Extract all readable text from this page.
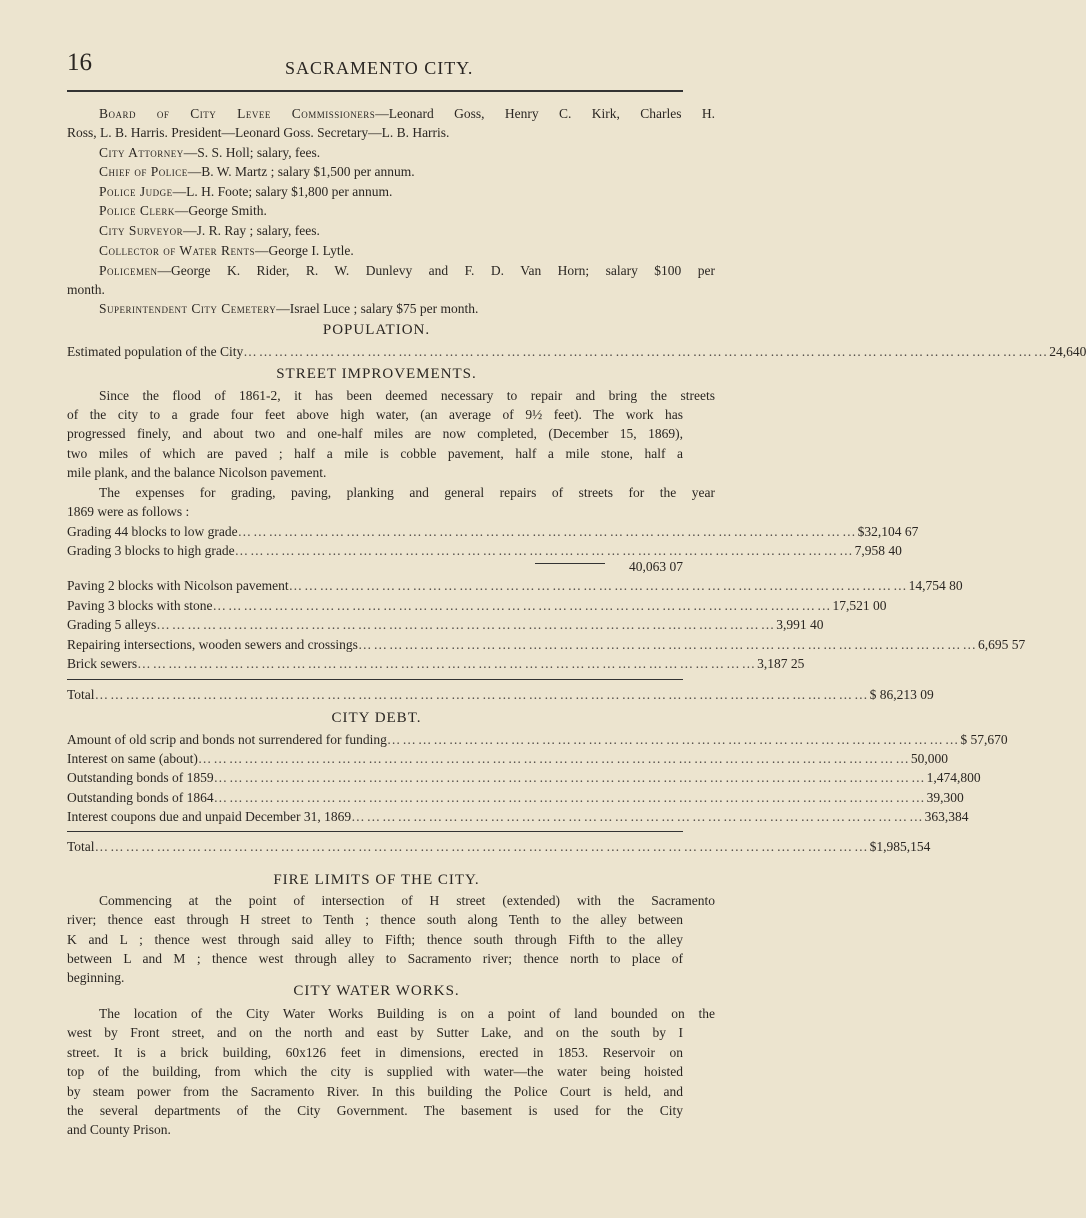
16	SACRAMENTO CITY.
Board of City Levee Commissioners—Leonard Goss, Henry C. Kirk, Charles H.
Ross, L. B. Harris. President—Leonard Goss. Secretary—L. B. Harris.
City Attorney—S. S. Holl; salary, fees.
Chief of Police—B. W. Martz ; salary $1,500 per annum.
Police Judge—L. H. Foote; salary $1,800 per annum.
Police Clerk—George Smith.
City Surveyor—J. R. Ray ; salary, fees.
Collector of Water Rents—George I. Lytle.
Policemen—George K. Rider, R. W. Dunlevy and F. D. Van Horn; salary $100 per
month.
Superintendent City Cemetery—Israel Luce ; salary $75 per month.
POPULATION.
Estimated population of the City ………………………………………………………………………………………………………………………………………… 24,640
STREET IMPROVEMENTS.
Since the flood of 1861-2, it has been deemed necessary to repair and bring the streets
of the city to a grade four feet above high water, (an average of 9½ feet). The work has
progressed finely, and about two and one-half miles are now completed, (December 15, 1869),
two miles of which are paved ; half a mile is cobble pavement, half a mile stone, half a
mile plank, and the balance Nicolson pavement.
The expenses for grading, paving, planking and general repairs of streets for the year
1869 were as follows :
Grading 44 blocks to low grade ………………………………………………………………………………………………………… $32,104 67
Grading 3 blocks to high grade ………………………………………………………………………………………………………… 7,958 40
40,063 07
Paving 2 blocks with Nicolson pavement ………………………………………………………………………………………………………… 14,754 80
Paving 3 blocks with stone ………………………………………………………………………………………………………… 17,521 00
Grading 5 alleys ………………………………………………………………………………………………………… 3,991 40
Repairing intersections, wooden sewers and crossings ………………………………………………………………………………………………………… 6,695 57
Brick sewers ………………………………………………………………………………………………………… 3,187 25
Total …………………………………………………………………………………………………………………………………… $ 86,213 09
CITY DEBT.
Amount of old scrip and bonds not surrendered for funding ………………………………………………………………………………………………… $ 57,670
Interest on same (about) ………………………………………………………………………………………………………………………… 50,000
Outstanding bonds of 1859 ………………………………………………………………………………………………………………………… 1,474,800
Outstanding bonds of 1864 ………………………………………………………………………………………………………………………… 39,300
Interest coupons due and unpaid December 31, 1869 ………………………………………………………………………………………………… 363,384
Total …………………………………………………………………………………………………………………………………… $1,985,154
FIRE LIMITS OF THE CITY.
Commencing at the point of intersection of H street (extended) with the Sacramento
river; thence east through H street to Tenth ; thence south along Tenth to the alley between
K and L ; thence west through said alley to Fifth; thence south through Fifth to the alley
between L and M ; thence west through alley to Sacramento river; thence north to place of
beginning.
CITY WATER WORKS.
The location of the City Water Works Building is on a point of land bounded on the
west by Front street, and on the north and east by Sutter Lake, and on the south by I
street. It is a brick building, 60x126 feet in dimensions, erected in 1853. Reservoir on
top of the building, from which the city is supplied with water—the water being hoisted
by steam power from the Sacramento River. In this building the Police Court is held, and
the several departments of the City Government. The basement is used for the City
and County Prison.
